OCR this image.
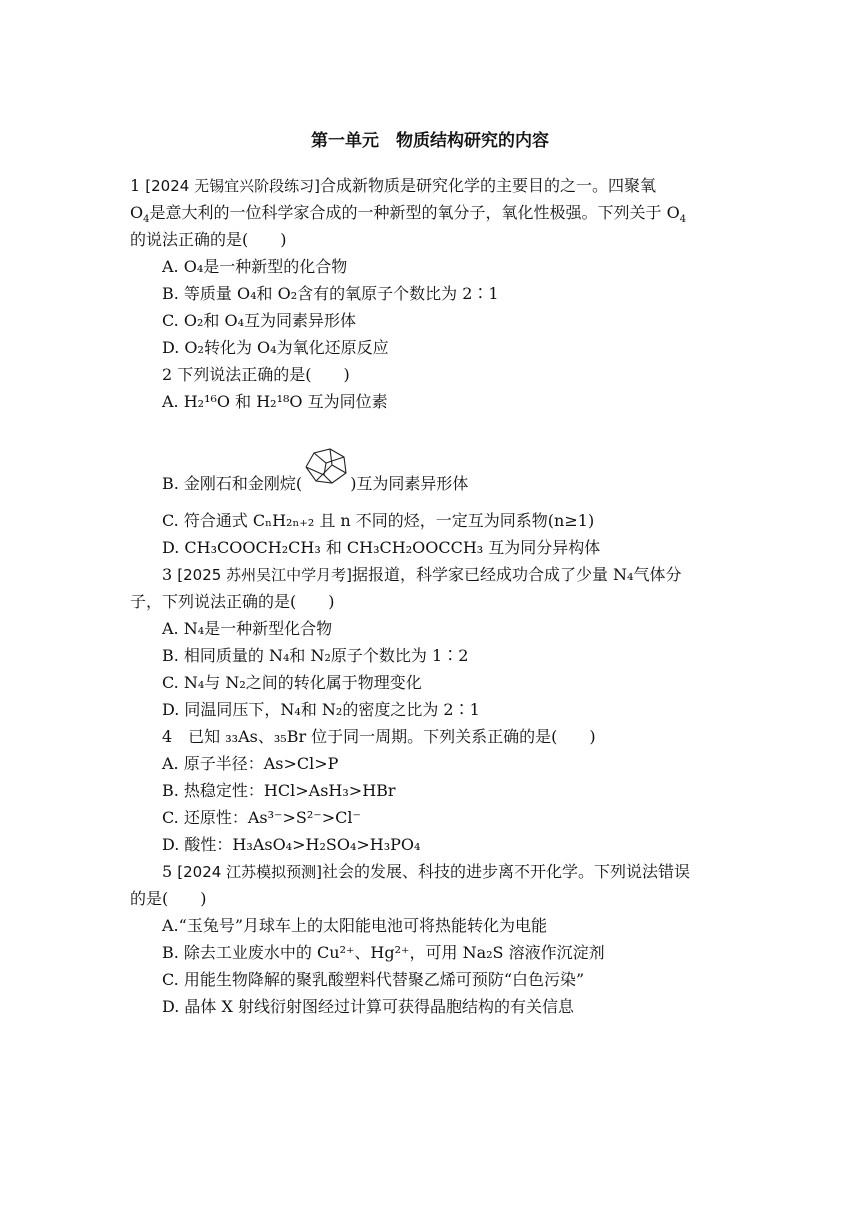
第一单元　物质结构研究的内容
1 [2024 无锡宜兴阶段练习]合成新物质是研究化学的主要目的之一。四聚氧
$O_4$是意大利的一位科学家合成的一种新型的氧分子，氧化性极强。下列关于 $O_4$
的说法正确的是(　　)
A. O₄是一种新型的化合物
B. 等质量 O₄和 O₂含有的氧原子个数比为 2∶1
C. O₂和 O₄互为同素异形体
D. O₂转化为 O₄为氧化还原反应
2 下列说法正确的是(　　)
A. H₂¹⁶O 和 H₂¹⁸O 互为同位素
B. 金刚石和金刚烷(	)互为同素异形体
C. 符合通式 CₙH₂ₙ₊₂ 且 n 不同的烃，一定互为同系物(n≥1)
D. CH₃COOCH₂CH₃ 和 CH₃CH₂OOCCH₃ 互为同分异构体
3 [2025 苏州吴江中学月考]据报道，科学家已经成功合成了少量 N₄气体分
子，下列说法正确的是(　　)
A. N₄是一种新型化合物
B. 相同质量的 N₄和 N₂原子个数比为 1∶2
C. N₄与 N₂之间的转化属于物理变化
D. 同温同压下，N₄和 N₂的密度之比为 2∶1
4　已知 ₃₃As、₃₅Br 位于同一周期。下列关系正确的是(　　)
A. 原子半径：As>Cl>P
B. 热稳定性：HCl>AsH₃>HBr
C. 还原性：As³⁻>S²⁻>Cl⁻
D. 酸性：H₃AsO₄>H₂SO₄>H₃PO₄
5 [2024 江苏模拟预测]社会的发展、科技的进步离不开化学。下列说法错误
的是(　　)
A.“玉兔号”月球车上的太阳能电池可将热能转化为电能
B. 除去工业废水中的 Cu²⁺、Hg²⁺，可用 Na₂S 溶液作沉淀剂
C. 用能生物降解的聚乳酸塑料代替聚乙烯可预防“白色污染”
D. 晶体 X 射线衍射图经过计算可获得晶胞结构的有关信息
